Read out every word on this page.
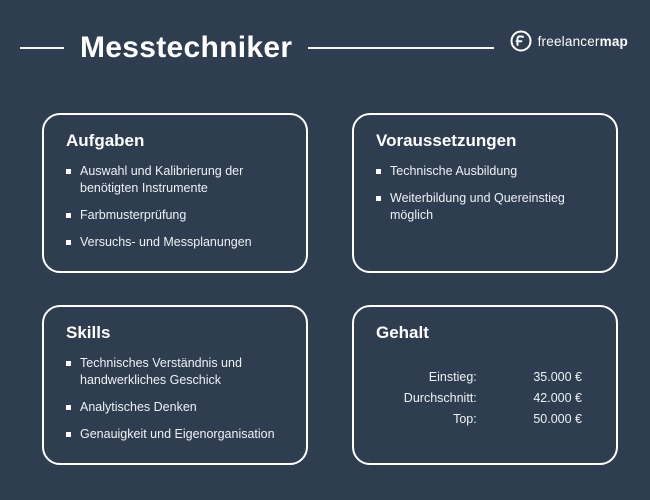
Messtechniker	freelancermap
Aufgaben
Auswahl und Kalibrierung der benötigten Instrumente
Farbmusterprüfung
Versuchs- und Messplanungen
Voraussetzungen
Technische Ausbildung
Weiterbildung und Quereinstieg möglich
Skills
Technisches Verständnis und handwerkliches Geschick
Analytisches Denken
Genauigkeit und Eigenorganisation
Gehalt
Einstieg:	35.000 €
Durchschnitt:	42.000 €
Top:	50.000 €
